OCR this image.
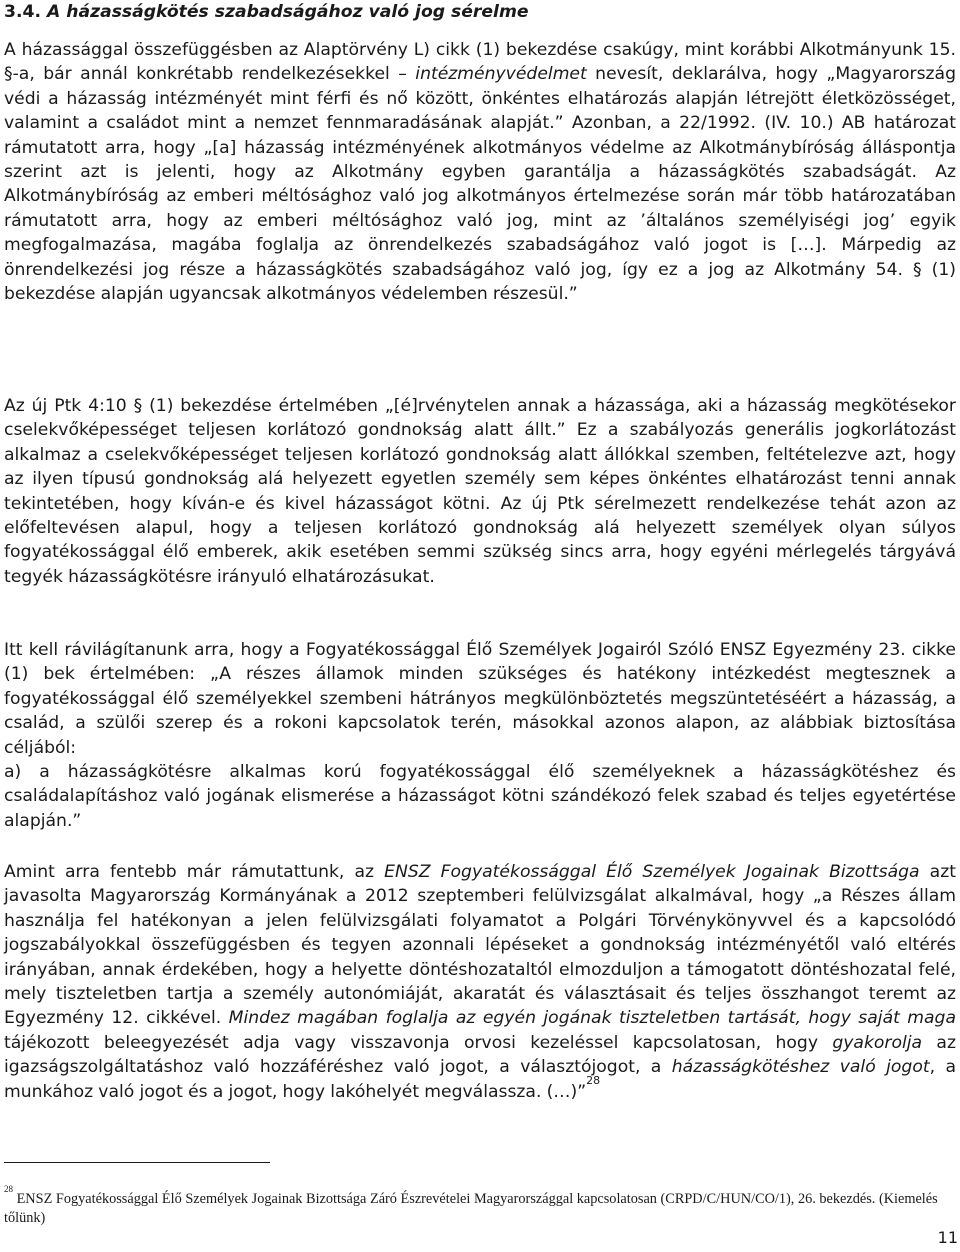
3.4. A házasságkötés szabadságához való jog sérelme

A házassággal összefüggésben az Alaptörvény L) cikk (1) bekezdése csakúgy, mint korábbi Alkotmányunk 15. §-a, bár annál konkrétabb rendelkezésekkel – intézményvédelmet nevesít, deklarálva, hogy „Magyarország védi a házasság intézményét mint férfi és nő között, önkéntes elhatározás alapján létrejött életközösséget, valamint a családot mint a nemzet fennmaradásának alapját.” Azonban, a 22/1992. (IV. 10.) AB határozat rámutatott arra, hogy „[a] házasság intézményének alkotmányos védelme az Alkotmánybíróság álláspontja szerint azt is jelenti, hogy az Alkotmány egyben garantálja a házasságkötés szabadságát. Az Alkotmánybíróság az emberi méltósághoz való jog alkotmányos értelmezése során már több határozatában rámutatott arra, hogy az emberi méltósághoz való jog, mint az ’általános személyiségi jog’ egyik megfogalmazása, magába foglalja az önrendelkezés szabadságához való jogot is […]. Márpedig az önrendelkezési jog része a házasságkötés szabadságához való jog, így ez a jog az Alkotmány 54. § (1) bekezdése alapján ugyancsak alkotmányos védelemben részesül.”

Az új Ptk 4:10 § (1) bekezdése értelmében „[é]rvénytelen annak a házassága, aki a házasság megkötésekor cselekvőképességet teljesen korlátozó gondnokság alatt állt.” Ez a szabályozás generális jogkorlátozást alkalmaz a cselekvőképességet teljesen korlátozó gondnokság alatt állókkal szemben, feltételezve azt, hogy az ilyen típusú gondnokság alá helyezett egyetlen személy sem képes önkéntes elhatározást tenni annak tekintetében, hogy kíván-e és kivel házasságot kötni. Az új Ptk sérelmezett rendelkezése tehát azon az előfeltevésen alapul, hogy a teljesen korlátozó gondnokság alá helyezett személyek olyan súlyos fogyatékossággal élő emberek, akik esetében semmi szükség sincs arra, hogy egyéni mérlegelés tárgyává tegyék házasságkötésre irányuló elhatározásukat.

Itt kell rávilágítanunk arra, hogy a Fogyatékossággal Élő Személyek Jogairól Szóló ENSZ Egyezmény 23. cikke (1) bek értelmében: „A részes államok minden szükséges és hatékony intézkedést megtesznek a fogyatékossággal élő személyekkel szembeni hátrányos megkülönböztetés megszüntetéséért a házasság, a család, a szülői szerep és a rokoni kapcsolatok terén, másokkal azonos alapon, az alábbiak biztosítása céljából:
a) a házasságkötésre alkalmas korú fogyatékossággal élő személyeknek a házasságkötéshez és családalapításhoz való jogának elismerése a házasságot kötni szándékozó felek szabad és teljes egyetértése alapján.”

Amint arra fentebb már rámutattunk, az ENSZ Fogyatékossággal Élő Személyek Jogainak Bizottsága azt javasolta Magyarország Kormányának a 2012 szeptemberi felülvizsgálat alkalmával, hogy „a Részes állam használja fel hatékonyan a jelen felülvizsgálati folyamatot a Polgári Törvénykönyvvel és a kapcsolódó jogszabályokkal összefüggésben és tegyen azonnali lépéseket a gondnokság intézményétől való eltérés irányában, annak érdekében, hogy a helyette döntéshozataltól elmozduljon a támogatott döntéshozatal felé, mely tiszteletben tartja a személy autonómiáját, akaratát és választásait és teljes összhangot teremt az Egyezmény 12. cikkével. Mindez magában foglalja az egyén jogának tiszteletben tartását, hogy saját maga tájékozott beleegyezését adja vagy visszavonja orvosi kezeléssel kapcsolatosan, hogy gyakorolja az igazságszolgáltatáshoz való hozzáféréshez való jogot, a választójogot, a házasságkötéshez való jogot, a munkához való jogot és a jogot, hogy lakóhelyét megválassza. (…)”$^{28}$

$^{28}$ ENSZ Fogyatékossággal Élő Személyek Jogainak Bizottsága Záró Észrevételei Magyarországgal kapcsolatosan (CRPD/C/HUN/CO/1), 26. bekezdés. (Kiemelés tőlünk)

11
